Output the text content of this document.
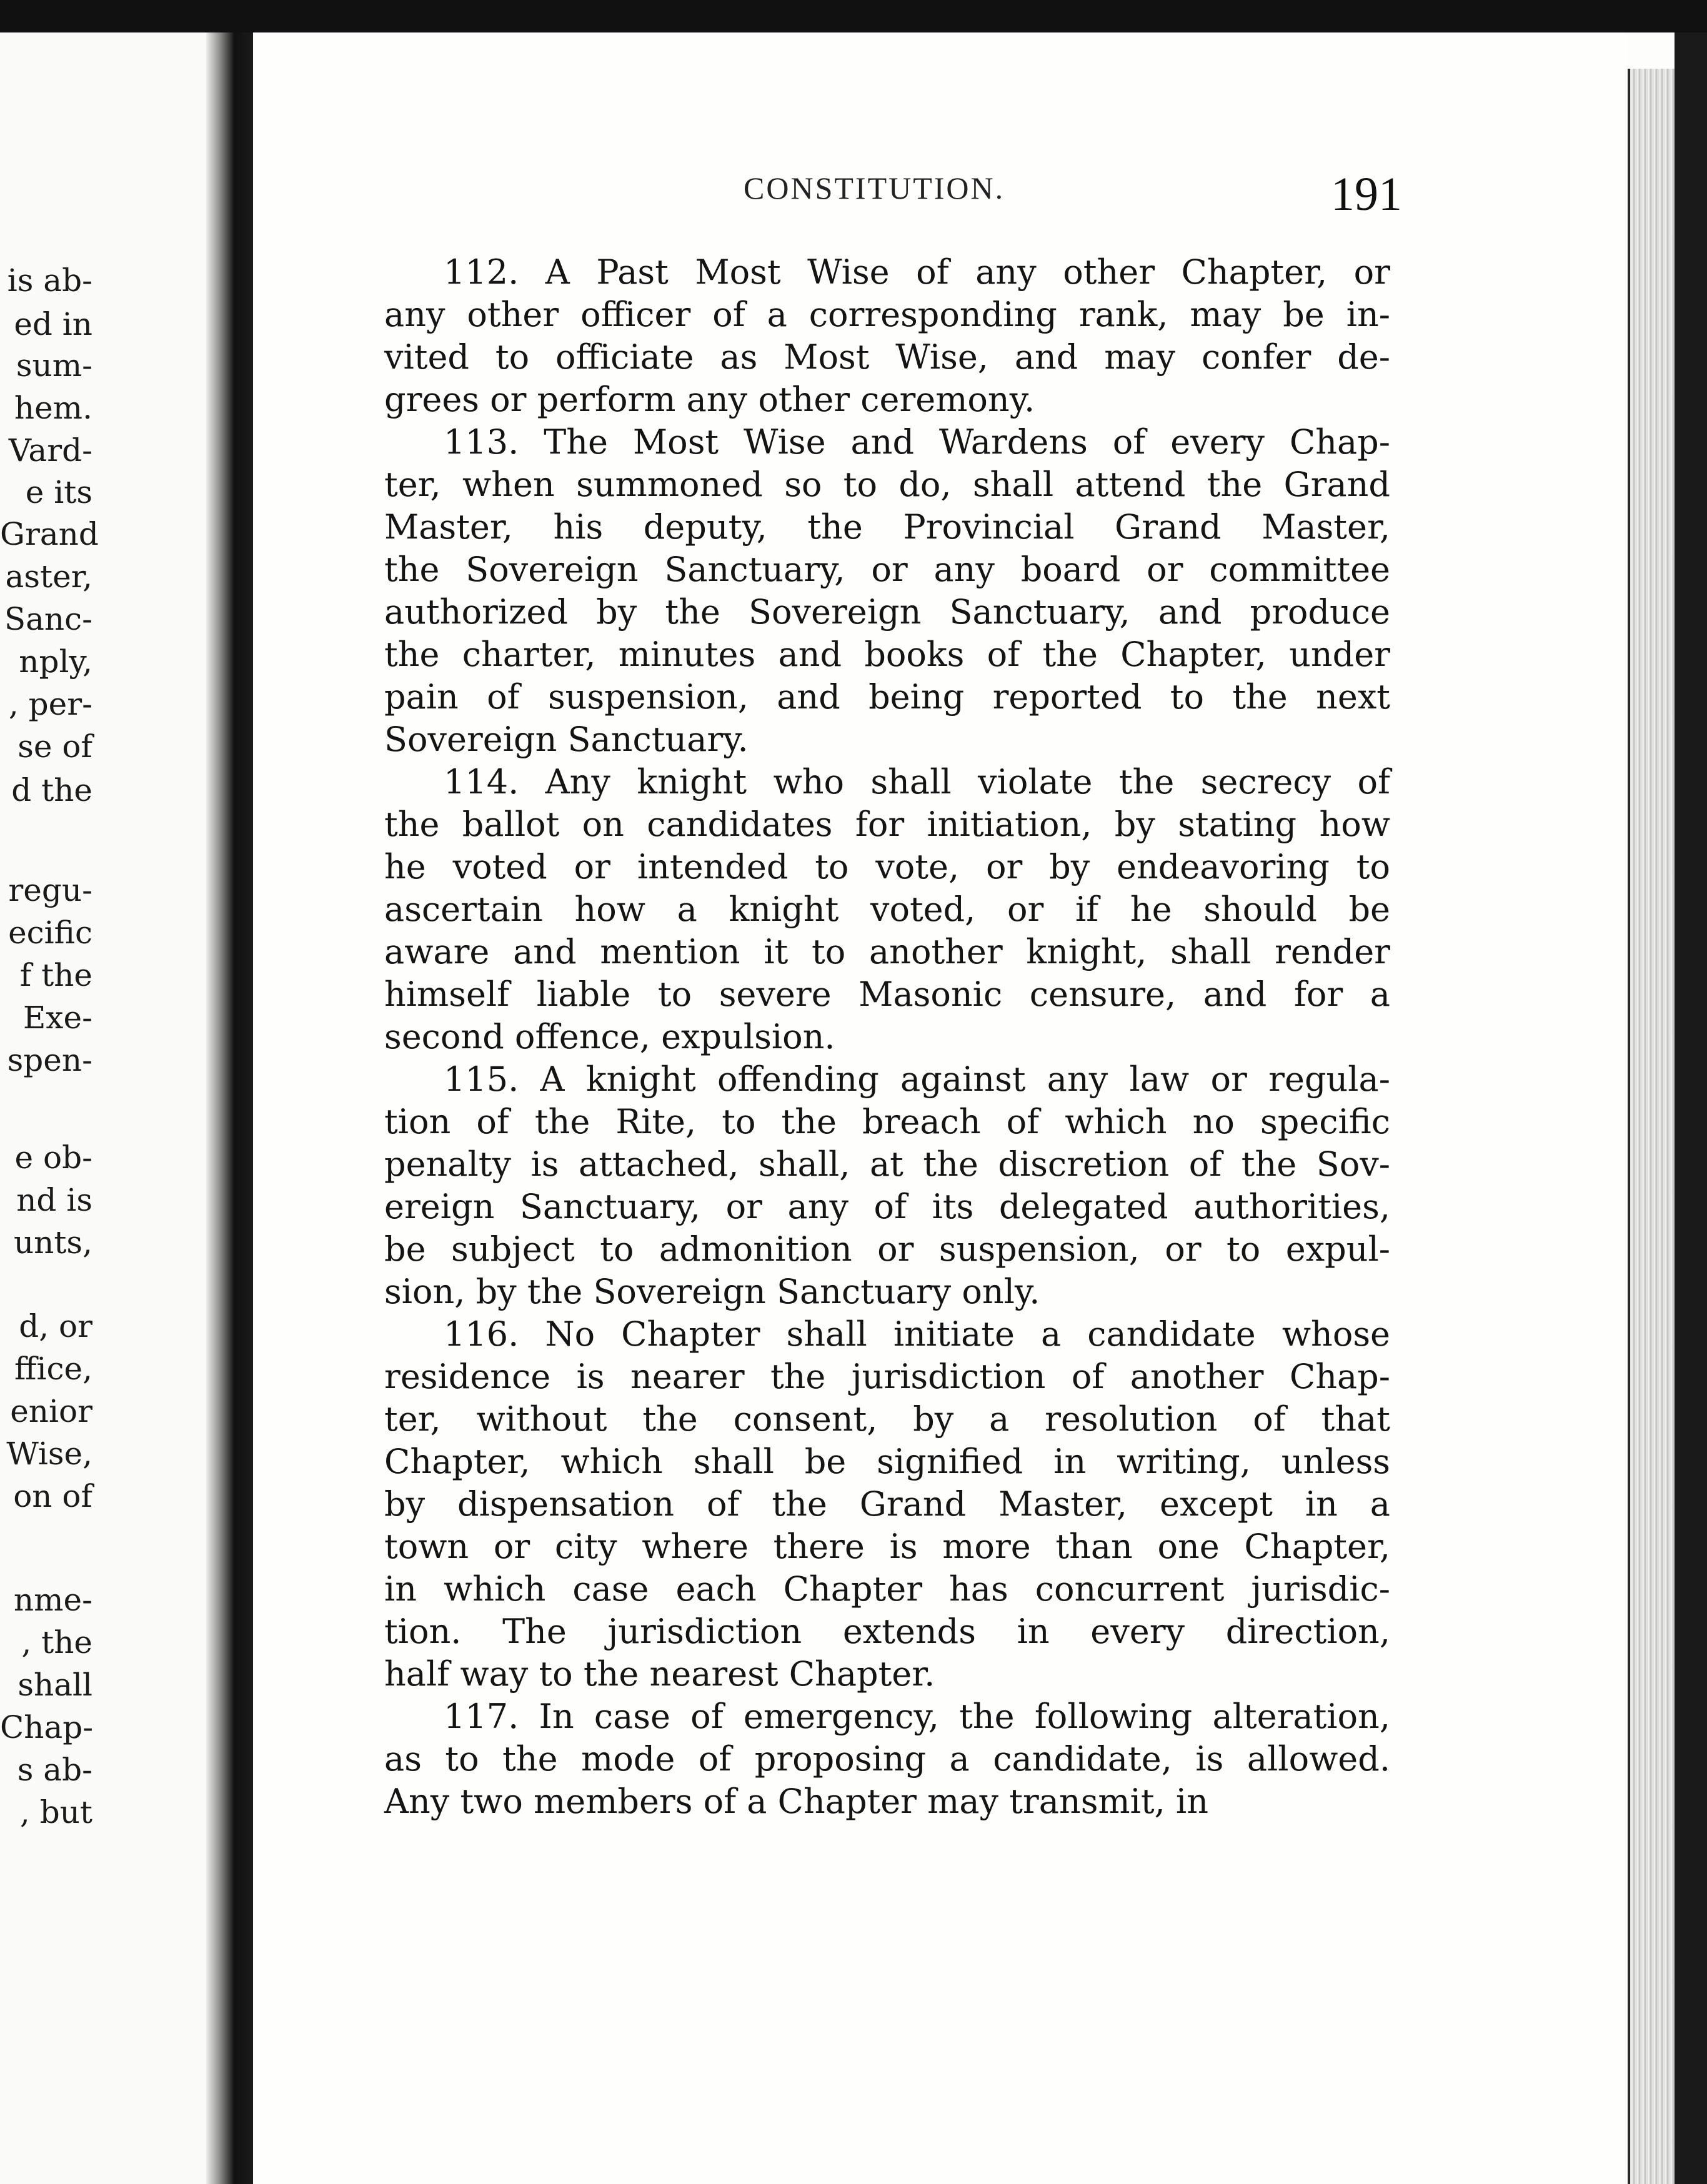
is ab-
ed in
sum-
hem.
Vard-
e its
Grand
aster,
Sanc-
nply,
, per-
se of
d the
regu-
ecific
f the
Exe-
spen-
e ob-
nd is
unts,
d, or
ffice,
enior
Wise,
on of
nme-
, the
shall
Chap-
s ab-
, but
CONSTITUTION.	191
112. A Past Most Wise of any other Chapter, or
any other officer of a corresponding rank, may be in-
vited to officiate as Most Wise, and may confer de-
grees or perform any other ceremony.
113. The Most Wise and Wardens of every Chap-
ter, when summoned so to do, shall attend the Grand
Master, his deputy, the Provincial Grand Master,
the Sovereign Sanctuary, or any board or committee
authorized by the Sovereign Sanctuary, and produce
the charter, minutes and books of the Chapter, under
pain of suspension, and being reported to the next
Sovereign Sanctuary.
114. Any knight who shall violate the secrecy of
the ballot on candidates for initiation, by stating how
he voted or intended to vote, or by endeavoring to
ascertain how a knight voted, or if he should be
aware and mention it to another knight, shall render
himself liable to severe Masonic censure, and for a
second offence, expulsion.
115. A knight offending against any law or regula-
tion of the Rite, to the breach of which no specific
penalty is attached, shall, at the discretion of the Sov-
ereign Sanctuary, or any of its delegated authorities,
be subject to admonition or suspension, or to expul-
sion, by the Sovereign Sanctuary only.
116. No Chapter shall initiate a candidate whose
residence is nearer the jurisdiction of another Chap-
ter, without the consent, by a resolution of that
Chapter, which shall be signified in writing, unless
by dispensation of the Grand Master, except in a
town or city where there is more than one Chapter,
in which case each Chapter has concurrent jurisdic-
tion. The jurisdiction extends in every direction,
half way to the nearest Chapter.
117. In case of emergency, the following alteration,
as to the mode of proposing a candidate, is allowed.
Any two members of a Chapter may transmit, in
